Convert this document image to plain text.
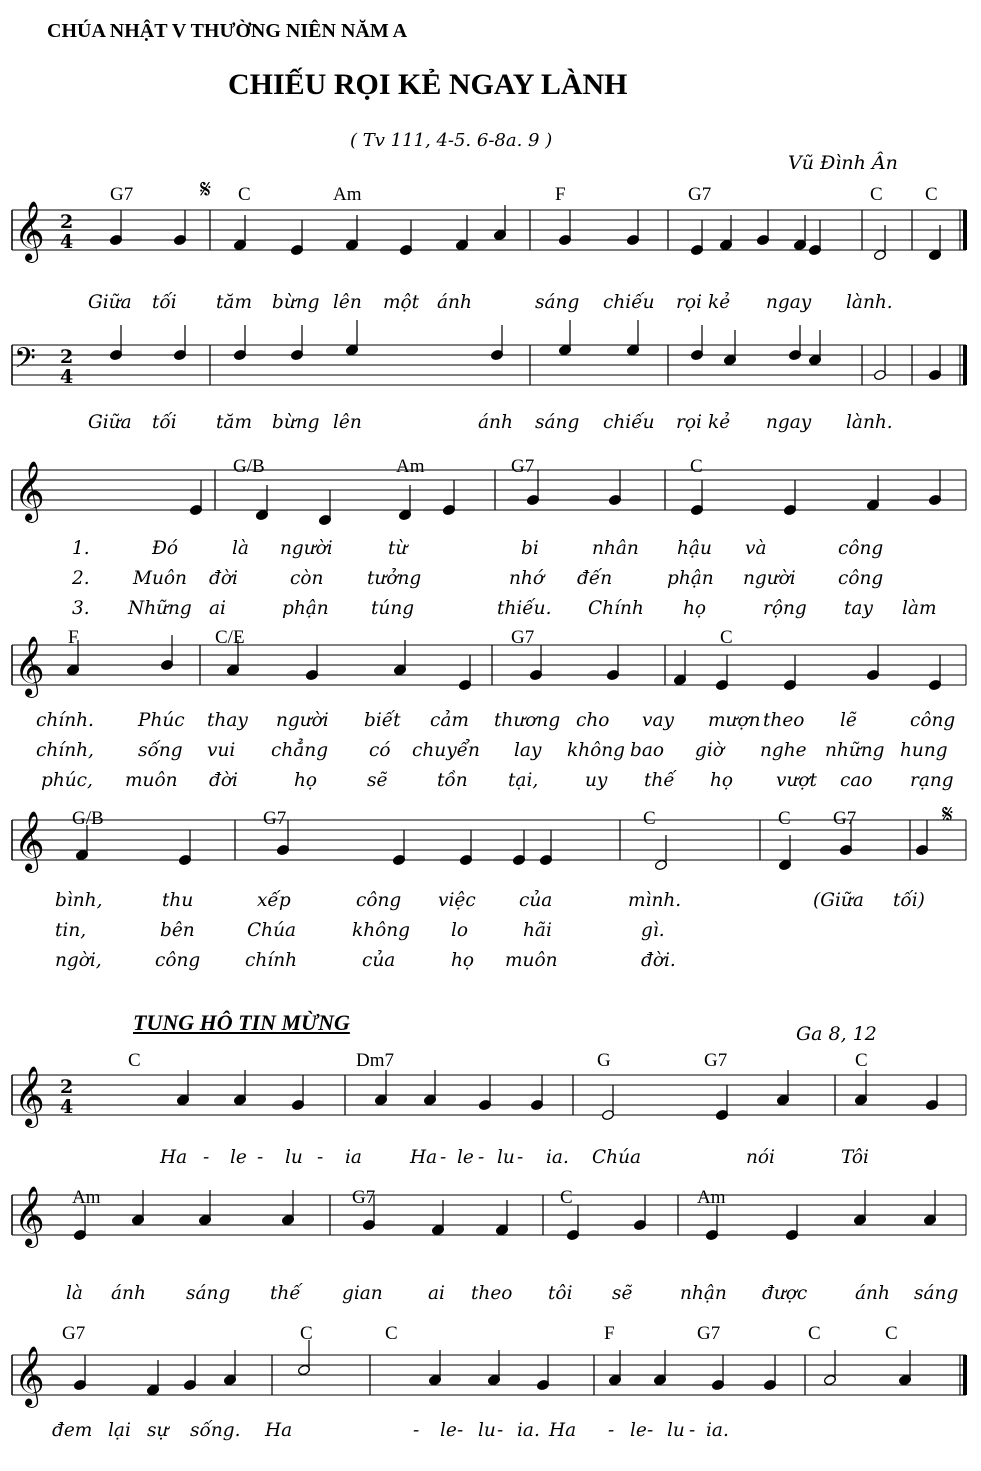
CHÚA NHẬT V THƯỜNG NIÊN NĂM A
CHIẾU RỌI KẺ NGAY LÀNH
( Tv 111, 4-5. 6-8a. 9 )
Vũ Đình Ân
𝄞 2
4
G7	C	Am	F	G7	C C
𝄋
Giữa tối tăm bừng lên một ánh	sáng chiếu rọi kẻ ngay lành.
𝄢 2
4
Giữa tối tăm bừng lên	ánh sáng chiếu rọi kẻ ngay lành.
𝄞	G/B	Am	G7	C
1.	Đó	là người	từ	bi	nhân hậu và	công
2. Muôn đời	còn tưởng	nhớ đến	phận người công
3. Những ai	phận túng	thiếu. Chính họ	rộng tay làm
𝄞 F	C/E	G7	C
chính. Phúc thay người biết cảm thương cho vay mượn theo lẽ	công
chính, sống vui chẳng có chuyển lay không bao giờ nghe những hung
phúc, muôn đời	họ	sẽ	tồn tại,	uy thế họ vượt cao rạng
𝄞 G/B	G7	C	C G7	𝄋
bình,	thu	xếp	công việc của	mình.	(Giữa tối)
tin,	bên	Chúa	không lo	hãi	gì.
ngời,	công chính	của	họ muôn	đời.
TUNG HÔ TIN MỪNG	Ga 8, 12
𝄞 2
4
C	Dm7	G	G7	C
Ha - le - lu - ia	Ha - le - lu - ia. Chúa	nói	Tôi
𝄞 Am	G7	C	Am
là ánh sáng thế gian ai theo tôi sẽ	nhận được	ánh sáng
𝄞
G7	C	C	F	G7	C	C
đem lại sự sống. Ha	- le - lu - ia. Ha - le - lu - ia.
